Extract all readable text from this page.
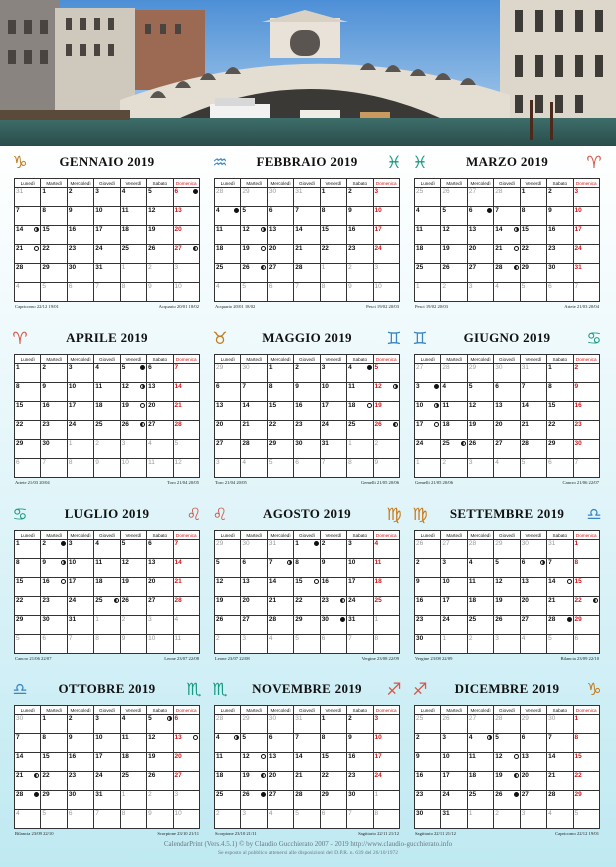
♑	GENNAIO 2019
Lunedì	Martedì	Mercoledì	Giovedì	Venerdì	Sabato	Domenica

31	1	2	3	4	5	6

7	8	9	10	11	12	13

14	15	16	17	18	19	20

21	22	23	24	25	26	27

28	29	30	31	1	2	3

4	5	6	7	8	9	10
Capricorno 22/12 19/01	Acquario 20/01 18/02
♒	FEBBRAIO 2019	♓
Lunedì	Martedì	Mercoledì	Giovedì	Venerdì	Sabato	Domenica

28	29	30	31	1	2	3

4	5	6	7	8	9	10

11	12	13	14	15	16	17

18	19	20	21	22	23	24

25	26	27	28	1	2	3

4	5	6	7	8	9	10
Acquario 20/01 18/02	Pesci 19/02 20/03
♓	MARZO 2019	♈
Lunedì	Martedì	Mercoledì	Giovedì	Venerdì	Sabato	Domenica

25	26	27	28	1	2	3

4	5	6	7	8	9	10

11	12	13	14	15	16	17

18	19	20	21	22	23	24

25	26	27	28	29	30	31

1	2	3	4	5	6	7
Pesci 19/02 20/03	Ariete 21/03 20/04
♈	APRILE 2019
Lunedì	Martedì	Mercoledì	Giovedì	Venerdì	Sabato	Domenica

1	2	3	4	5	6	7

8	9	10	11	12	13	14

15	16	17	18	19	20	21

22	23	24	25	26	27	28

29	30	1	2	3	4	5

6	7	8	9	10	11	12
Ariete 21/03 20/04	Toro 21/04 20/05
♉	MAGGIO 2019	♊
Lunedì	Martedì	Mercoledì	Giovedì	Venerdì	Sabato	Domenica

29	30	1	2	3	4	5

6	7	8	9	10	11	12

13	14	15	16	17	18	19

20	21	22	23	24	25	26

27	28	29	30	31	1	2

3	4	5	6	7	8	9
Toro 21/04 20/05	Gemelli 21/05 20/06
♊	GIUGNO 2019	♋
Lunedì	Martedì	Mercoledì	Giovedì	Venerdì	Sabato	Domenica

27	28	29	30	31	1	2

3	4	5	6	7	8	9

10	11	12	13	14	15	16

17	18	19	20	21	22	23

24	25	26	27	28	29	30

1	2	3	4	5	6	7
Gemelli 21/05 20/06	Cancro 21/06 22/07
♋	LUGLIO 2019	♌
Lunedì	Martedì	Mercoledì	Giovedì	Venerdì	Sabato	Domenica

1	2	3	4	5	6	7

8	9	10	11	12	13	14

15	16	17	18	19	20	21

22	23	24	25	26	27	28

29	30	31	1	2	3	4

5	6	7	8	9	10	11
Cancro 21/06 22/07	Leone 23/07 22/08
♌	AGOSTO 2019	♍
Lunedì	Martedì	Mercoledì	Giovedì	Venerdì	Sabato	Domenica

29	30	31	1	2	3	4

5	6	7	8	9	10	11

12	13	14	15	16	17	18

19	20	21	22	23	24	25

26	27	28	29	30	31	1

2	3	4	5	6	7	8
Leone 23/07 22/08	Vergine 23/08 22/09
♍	SETTEMBRE 2019	♎
Lunedì	Martedì	Mercoledì	Giovedì	Venerdì	Sabato	Domenica

26	27	28	29	30	31	1

2	3	4	5	6	7	8

9	10	11	12	13	14	15

16	17	18	19	20	21	22

23	24	25	26	27	28	29

30	1	2	3	4	5	6
Vergine 23/08 22/09	Bilancia 23/09 22/10
♎	OTTOBRE 2019	♏
Lunedì	Martedì	Mercoledì	Giovedì	Venerdì	Sabato	Domenica

30	1	2	3	4	5	6

7	8	9	10	11	12	13

14	15	16	17	18	19	20

21	22	23	24	25	26	27

28	29	30	31	1	2	3

4	5	6	7	8	9	10
Bilancia 23/09 22/10	Scorpione 23/10 21/11
♏	NOVEMBRE 2019	♐
Lunedì	Martedì	Mercoledì	Giovedì	Venerdì	Sabato	Domenica

28	29	30	31	1	2	3

4	5	6	7	8	9	10

11	12	13	14	15	16	17

18	19	20	21	22	23	24

25	26	27	28	29	30	1

2	3	4	5	6	7	8
Scorpione 23/10 21/11	Sagittario 22/11 21/12
♐	DICEMBRE 2019	♑
Lunedì	Martedì	Mercoledì	Giovedì	Venerdì	Sabato	Domenica

25	26	27	28	29	30	1

2	3	4	5	6	7	8

9	10	11	12	13	14	15

16	17	18	19	20	21	22

23	24	25	26	27	28	29

30	31	1	2	3	4	5
Sagittario 22/11 21/12	Capricorno 22/12 19/01
CalendarPrint (Vers.4.5.1) © by Claudio Gucchierato 2007 - 2019 http://www.claudio-gucchierato.info
Se esposto al pubblico attenersi alle disposizioni del D.P.R. n. 639 del 26/10/1972
